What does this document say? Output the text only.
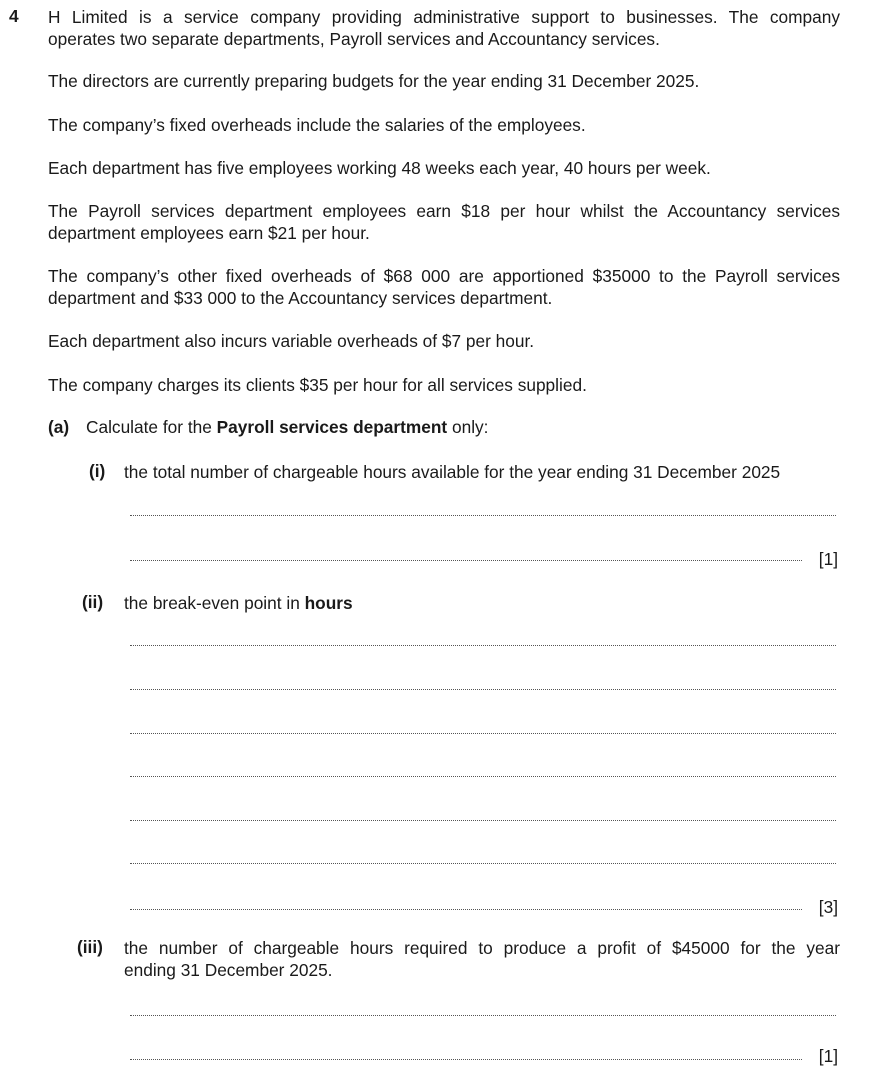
4 H Limited is a service company providing administrative support to businesses. The company
operates two separate departments, Payroll services and Accountancy services.
The directors are currently preparing budgets for the year ending 31 December 2025.
The company’s fixed overheads include the salaries of the employees.
Each department has five employees working 48 weeks each year, 40 hours per week.
The Payroll services department employees earn $18 per hour whilst the Accountancy services
department employees earn $21 per hour.
The company’s other fixed overheads of $68 000 are apportioned $35000 to the Payroll services
department and $33 000 to the Accountancy services department.
Each department also incurs variable overheads of $7 per hour.
The company charges its clients $35 per hour for all services supplied.
(a) Calculate for the Payroll services department only:
(i) the total number of chargeable hours available for the year ending 31 December 2025
[1]
(ii) the break-even point in hours
[3]
(iii) the number of chargeable hours required to produce a profit of $45000 for the year
ending 31 December 2025.
[1]
